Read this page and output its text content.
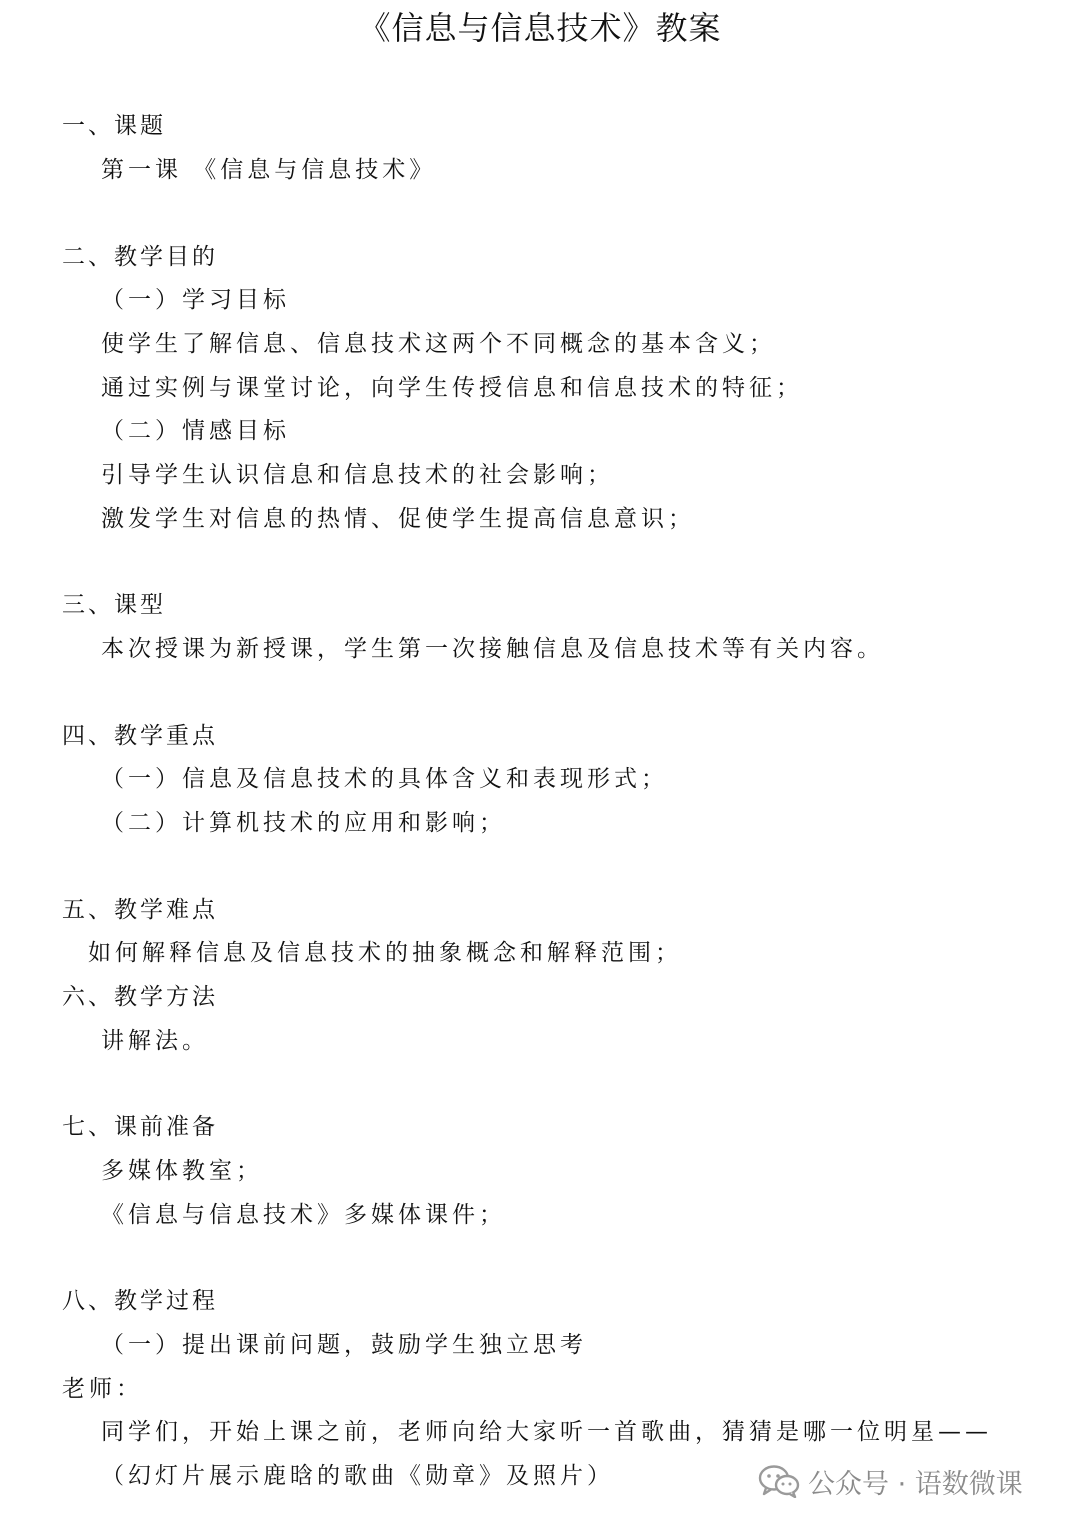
《信息与信息技术》教案
一、课题
第一课 《信息与信息技术》
二、教学目的
（一）学习目标
使学生了解信息、信息技术这两个不同概念的基本含义；
通过实例与课堂讨论，向学生传授信息和信息技术的特征；
（二）情感目标
引导学生认识信息和信息技术的社会影响；
激发学生对信息的热情、促使学生提高信息意识；
三、课型
本次授课为新授课，学生第一次接触信息及信息技术等有关内容。
四、教学重点
（一）信息及信息技术的具体含义和表现形式；
（二）计算机技术的应用和影响；
五、教学难点
如何解释信息及信息技术的抽象概念和解释范围；
六、教学方法
讲解法。
七、课前准备
多媒体教室；
《信息与信息技术》多媒体课件；
八、教学过程
（一）提出课前问题，鼓励学生独立思考
老师：
同学们，开始上课之前，老师向给大家听一首歌曲，猜猜是哪一位明星——
（幻灯片展示鹿晗的歌曲《勋章》及照片）	公众号 · 语数微课
